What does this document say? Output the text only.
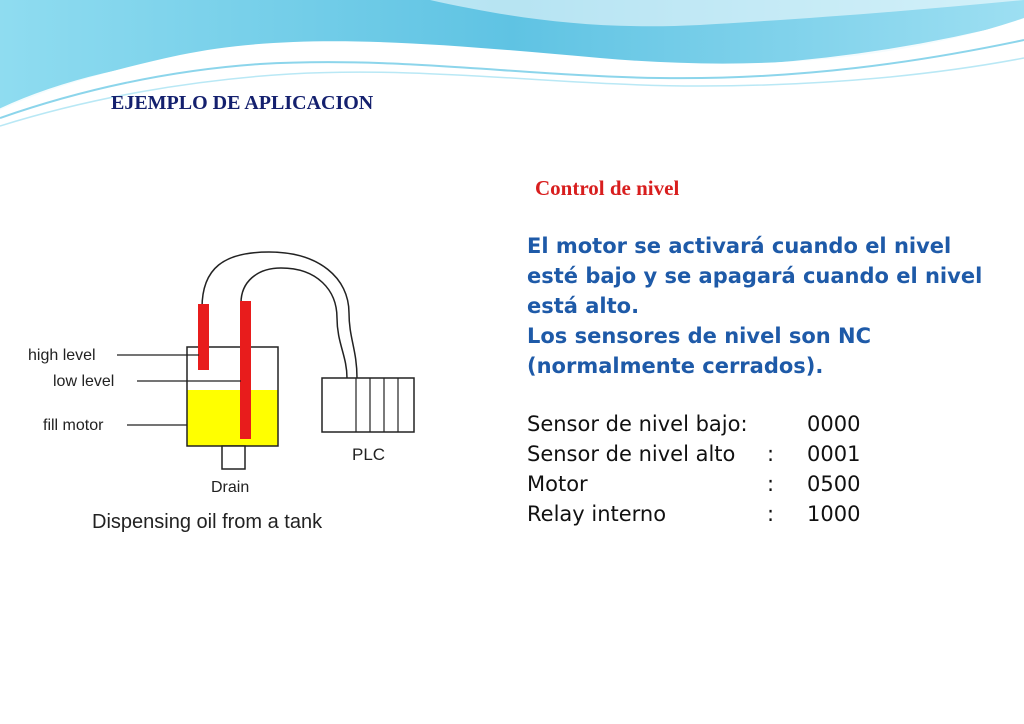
EJEMPLO DE APLICACION
Control de nivel
high level
low level
fill motor
Drain
PLC
Dispensing oil from a tank

El motor se activará cuando el nivel esté bajo y se apagará cuando el nivel está alto.

Los sensores de nivel son NC (normalmente cerrados).

Sensor de nivel bajo:		0000
Sensor de nivel alto	:	0001
Motor	:	0500
Relay interno	:	1000
